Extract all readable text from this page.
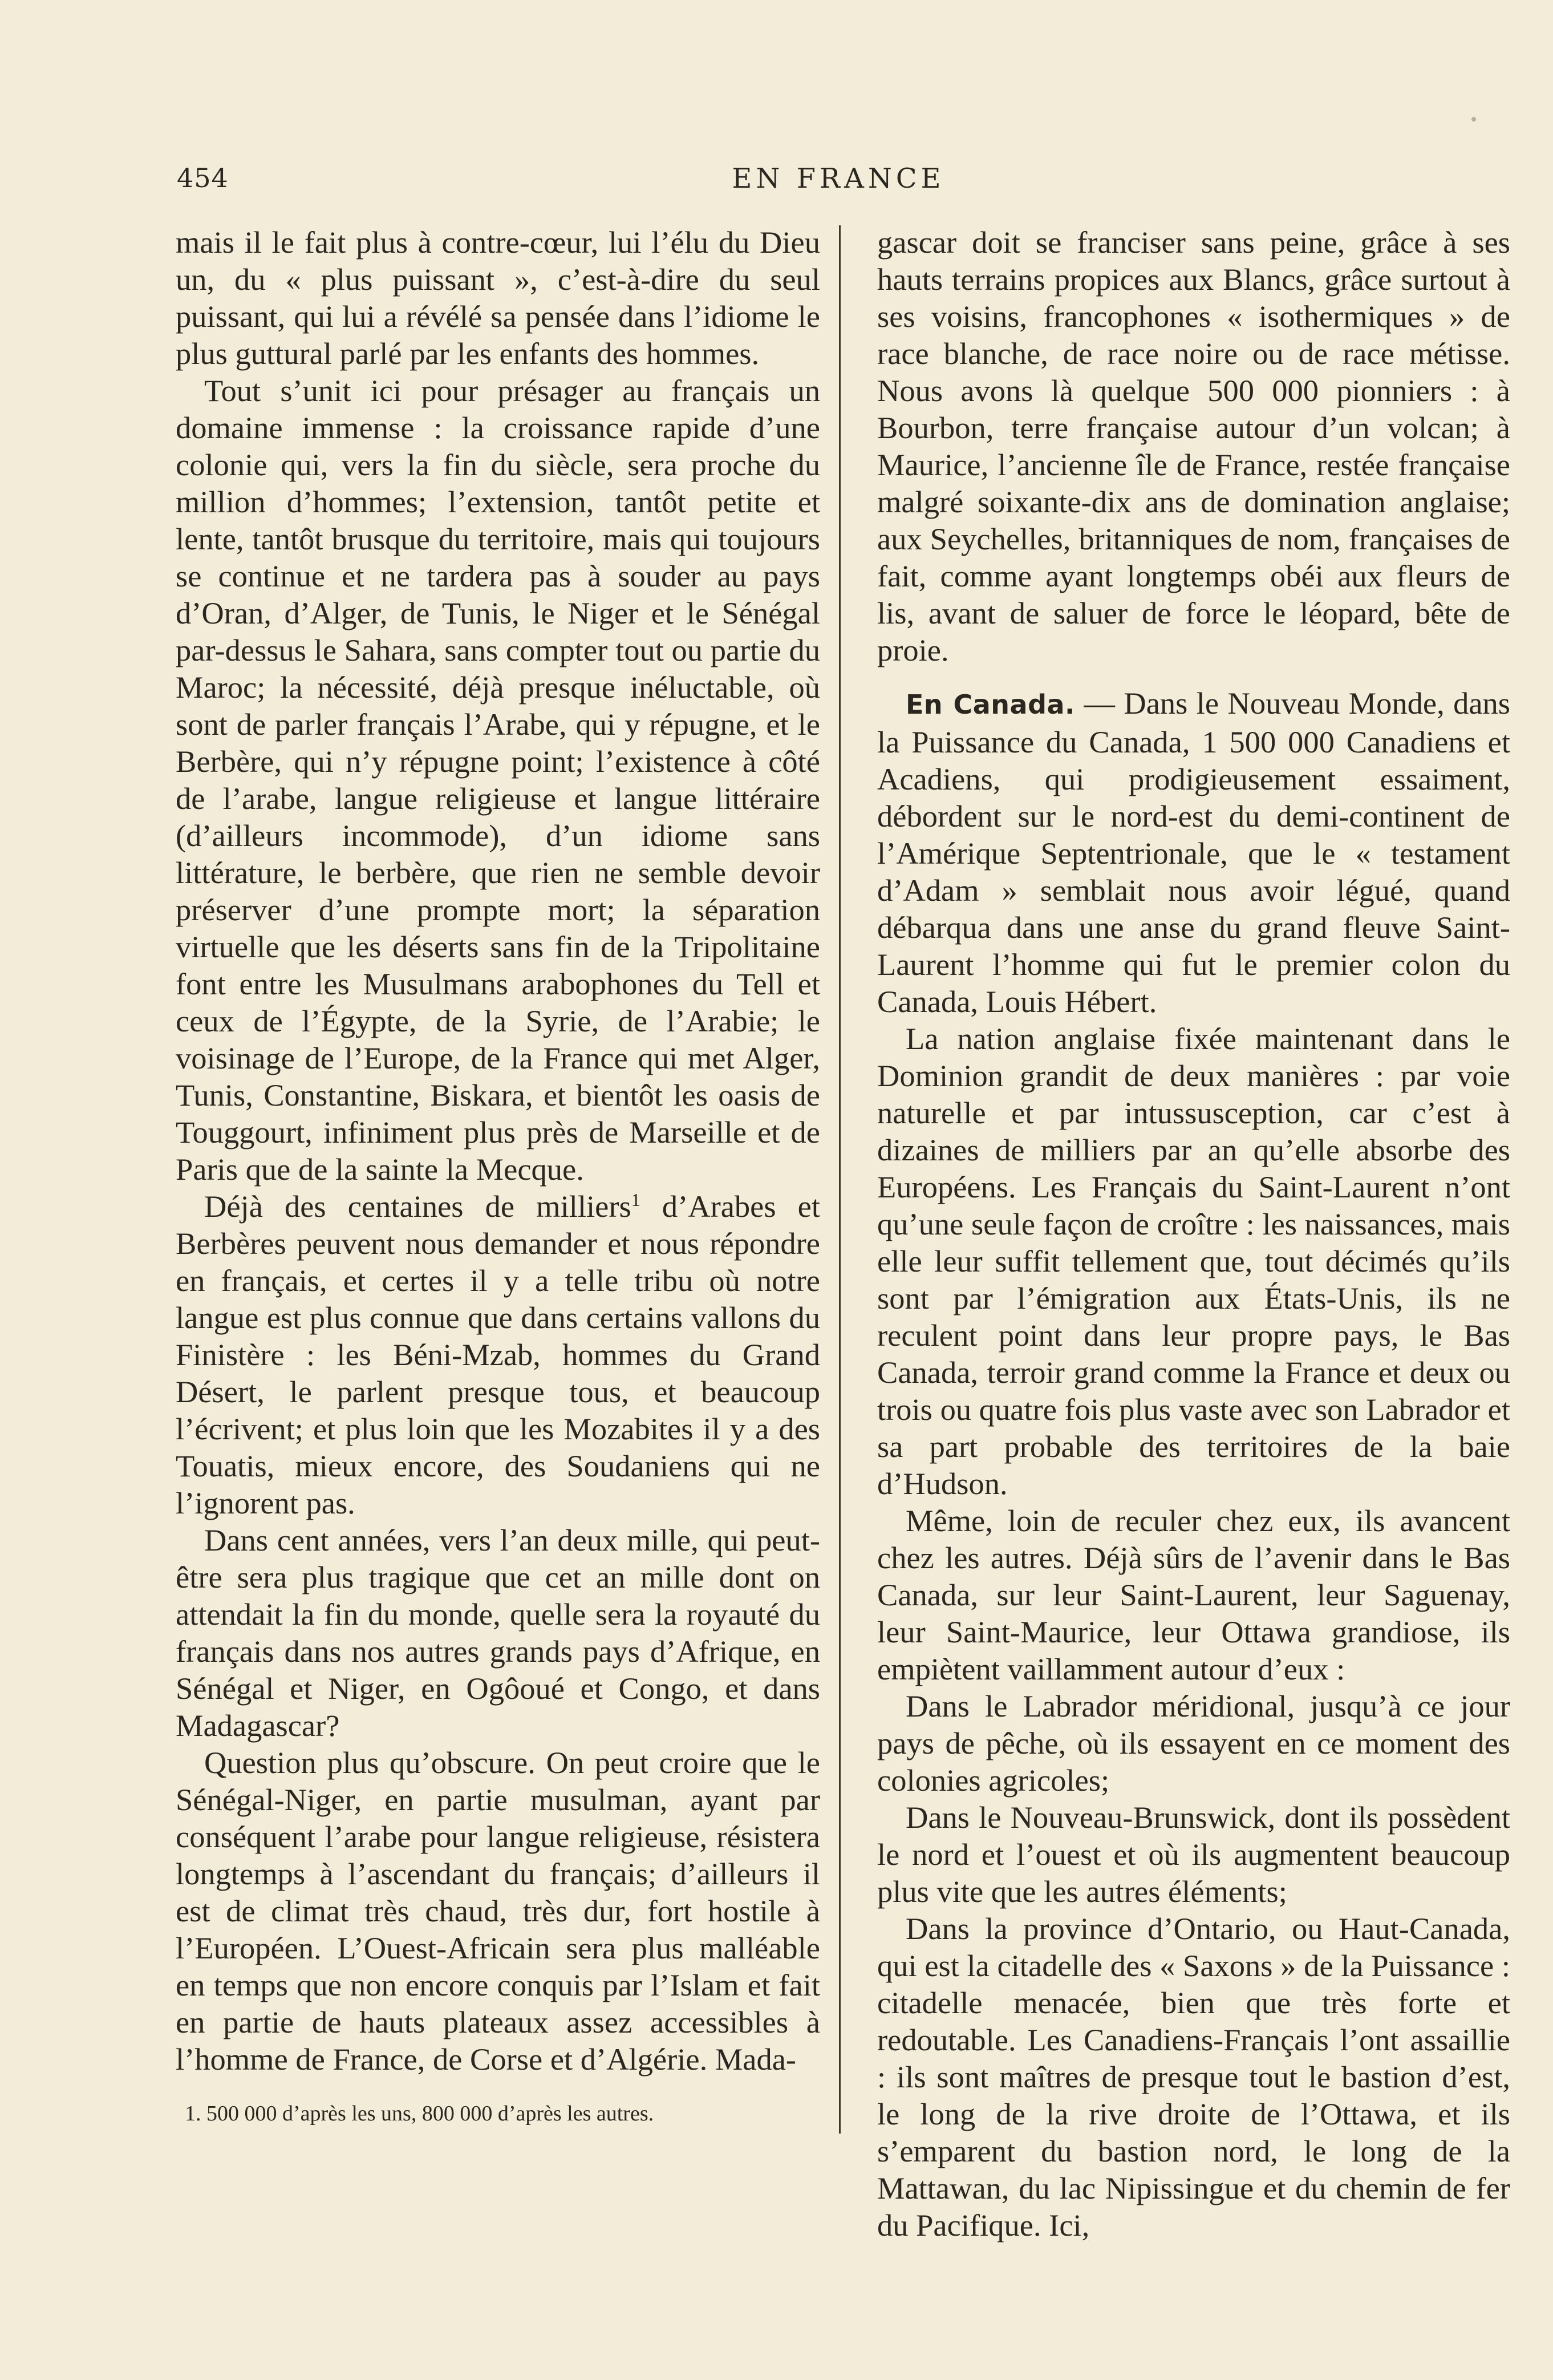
454	EN FRANCE

mais il le fait plus à contre-cœur, lui l’élu du Dieu un, du « plus puissant », c’est-à-dire du seul puissant, qui lui a révélé sa pensée dans l’idiome le plus guttural parlé par les enfants des hommes.

Tout s’unit ici pour présager au français un domaine immense : la croissance rapide d’une colonie qui, vers la fin du siècle, sera proche du million d’hommes; l’extension, tantôt petite et lente, tantôt brusque du territoire, mais qui toujours se continue et ne tardera pas à souder au pays d’Oran, d’Alger, de Tunis, le Niger et le Sénégal par-dessus le Sahara, sans compter tout ou partie du Maroc; la nécessité, déjà presque inéluctable, où sont de parler français l’Arabe, qui y répugne, et le Berbère, qui n’y répugne point; l’existence à côté de l’arabe, langue religieuse et langue littéraire (d’ailleurs incommode), d’un idiome sans littérature, le berbère, que rien ne semble devoir préserver d’une prompte mort; la séparation virtuelle que les déserts sans fin de la Tripolitaine font entre les Musulmans arabophones du Tell et ceux de l’Égypte, de la Syrie, de l’Arabie; le voisinage de l’Europe, de la France qui met Alger, Tunis, Constantine, Biskara, et bientôt les oasis de Touggourt, infiniment plus près de Marseille et de Paris que de la sainte la Mecque.

Déjà des centaines de milliers$^1$ d’Arabes et Berbères peuvent nous demander et nous répondre en français, et certes il y a telle tribu où notre langue est plus connue que dans certains vallons du Finistère : les Béni-Mzab, hommes du Grand Désert, le parlent presque tous, et beaucoup l’écrivent; et plus loin que les Mozabites il y a des Touatis, mieux encore, des Soudaniens qui ne l’ignorent pas.

Dans cent années, vers l’an deux mille, qui peut-être sera plus tragique que cet an mille dont on attendait la fin du monde, quelle sera la royauté du français dans nos autres grands pays d’Afrique, en Sénégal et Niger, en Ogôoué et Congo, et dans Madagascar?

Question plus qu’obscure. On peut croire que le Sénégal-Niger, en partie musulman, ayant par conséquent l’arabe pour langue religieuse, résistera longtemps à l’ascendant du français; d’ailleurs il est de climat très chaud, très dur, fort hostile à l’Européen. L’Ouest-Africain sera plus malléable en temps que non encore conquis par l’Islam et fait en partie de hauts plateaux assez accessibles à l’homme de France, de Corse et d’Algérie. Mada-

gascar doit se franciser sans peine, grâce à ses hauts terrains propices aux Blancs, grâce surtout à ses voisins, francophones « isothermiques » de race blanche, de race noire ou de race métisse. Nous avons là quelque 500 000 pionniers : à Bourbon, terre française autour d’un volcan; à Maurice, l’ancienne île de France, restée française malgré soixante-dix ans de domination anglaise; aux Seychelles, britanniques de nom, françaises de fait, comme ayant longtemps obéi aux fleurs de lis, avant de saluer de force le léopard, bête de proie.

En Canada. — Dans le Nouveau Monde, dans la Puissance du Canada, 1 500 000 Canadiens et Acadiens, qui prodigieusement essaiment, débordent sur le nord-est du demi-continent de l’Amérique Septentrionale, que le « testament d’Adam » semblait nous avoir légué, quand débarqua dans une anse du grand fleuve Saint-Laurent l’homme qui fut le premier colon du Canada, Louis Hébert.

La nation anglaise fixée maintenant dans le Dominion grandit de deux manières : par voie naturelle et par intussusception, car c’est à dizaines de milliers par an qu’elle absorbe des Européens. Les Français du Saint-Laurent n’ont qu’une seule façon de croître : les naissances, mais elle leur suffit tellement que, tout décimés qu’ils sont par l’émigration aux États-Unis, ils ne reculent point dans leur propre pays, le Bas Canada, terroir grand comme la France et deux ou trois ou quatre fois plus vaste avec son Labrador et sa part probable des territoires de la baie d’Hudson.

Même, loin de reculer chez eux, ils avancent chez les autres. Déjà sûrs de l’avenir dans le Bas Canada, sur leur Saint-Laurent, leur Saguenay, leur Saint-Maurice, leur Ottawa grandiose, ils empiètent vaillamment autour d’eux :

Dans le Labrador méridional, jusqu’à ce jour pays de pêche, où ils essayent en ce moment des colonies agricoles;

Dans le Nouveau-Brunswick, dont ils possèdent le nord et l’ouest et où ils augmentent beaucoup plus vite que les autres éléments;

Dans la province d’Ontario, ou Haut-Canada, qui est la citadelle des « Saxons » de la Puissance : citadelle menacée, bien que très forte et redoutable. Les Canadiens-Français l’ont assaillie : ils sont maîtres de presque tout le bastion d’est, le long de la rive droite de l’Ottawa, et ils s’emparent du bastion nord, le long de la Mattawan, du lac Nipissingue et du chemin de fer du Pacifique. Ici,

1. 500 000 d’après les uns, 800 000 d’après les autres.
